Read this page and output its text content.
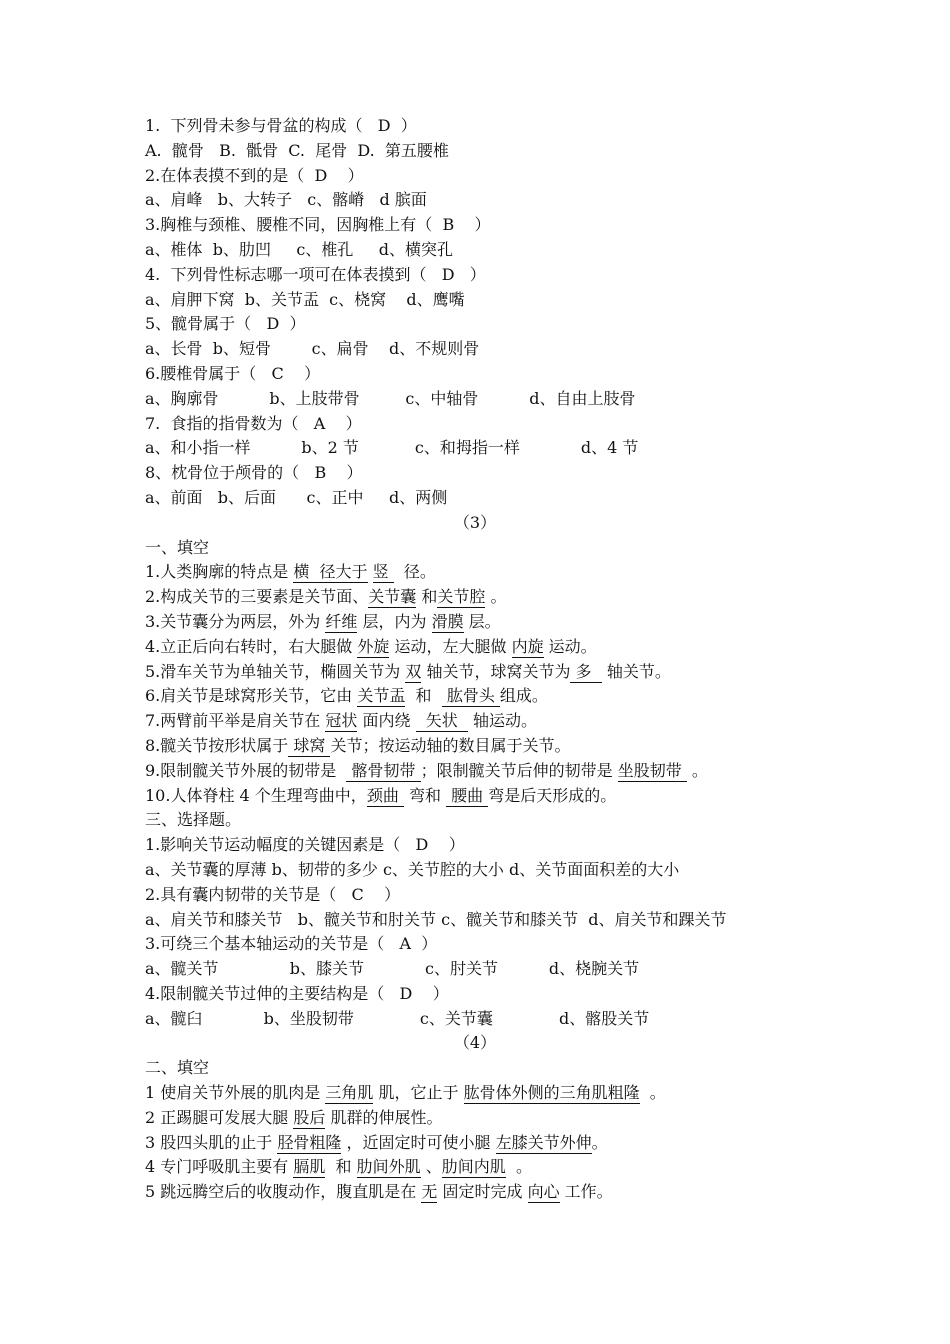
1.  下列骨未参与骨盆的构成（   D  ）
A.  髋骨   B.  骶骨  C.  尾骨  D.  第五腰椎
2.在体表摸不到的是（  D    ）
a、肩峰   b、大转子   c、髂嵴   d 膑面
3.胸椎与颈椎、腰椎不同，因胸椎上有（  B    ）
a、椎体  b、肋凹     c、椎孔     d、横突孔
4.  下列骨性标志哪一项可在体表摸到（   D   ）
a、肩胛下窝  b、关节盂  c、桡窝    d、鹰嘴
5、髋骨属于（   D  ）
a、长骨  b、短骨        c、扁骨    d、不规则骨
6.腰椎骨属于（   C    ）
a、胸廓骨          b、上肢带骨         c、中轴骨          d、自由上肢骨
7.  食指的指骨数为（   A    ）
a、和小指一样          b、2 节           c、和拇指一样            d、4 节
8、枕骨位于颅骨的（   B    ）
a、前面   b、后面      c、正中     d、两侧
（3）
一、填空
1.人类胸廓的特点是 横  径大于 竖   径。
2.构成关节的三要素是关节面、关节囊 和关节腔 。
3.关节囊分为两层，外为 纤维 层，内为 滑膜 层。
4.立正后向右转时，右大腿做 外旋 运动，左大腿做 内旋 运动。
5.滑车关节为单轴关节，椭圆关节为 双 轴关节，球窝关节为 多   轴关节。
6.肩关节是球窝形关节，它由 关节盂  和   肱骨头 组成。
7.两臂前平举是肩关节在 冠状 面内绕   矢状   轴运动。
8.髋关节按形状属于 球窝 关节；按运动轴的数目属于关节。
9.限制髋关节外展的韧带是   髂骨韧带 ；限制髋关节后伸的韧带是 坐股韧带  。
10.人体脊柱 4 个生理弯曲中，颈曲  弯和  腰曲 弯是后天形成的。
三、选择题。
1.影响关节运动幅度的关键因素是（   D    ）
a、关节囊的厚薄 b、韧带的多少 c、关节腔的大小 d、关节面面积差的大小
2.具有囊内韧带的关节是（   C    ）
a、肩关节和膝关节   b、髋关节和肘关节 c、髋关节和膝关节  d、肩关节和踝关节
3.可绕三个基本轴运动的关节是（   A  ）
a、髋关节              b、膝关节            c、肘关节          d、桡腕关节
4.限制髋关节过伸的主要结构是（   D    ）
a、髋臼            b、坐股韧带             c、关节囊             d、髂股关节
（4）
二、填空
1 使肩关节外展的肌肉是 三角肌 肌，它止于 肱骨体外侧的三角肌粗隆  。
2 正踢腿可发展大腿 股后 肌群的伸展性。
3 股四头肌的止于 胫骨粗隆 ，近固定时可使小腿 左膝关节外伸。
4 专门呼吸肌主要有 膈肌  和 肋间外肌 、肋间内肌  。
5 跳远腾空后的收腹动作，腹直肌是在 无 固定时完成 向心 工作。
